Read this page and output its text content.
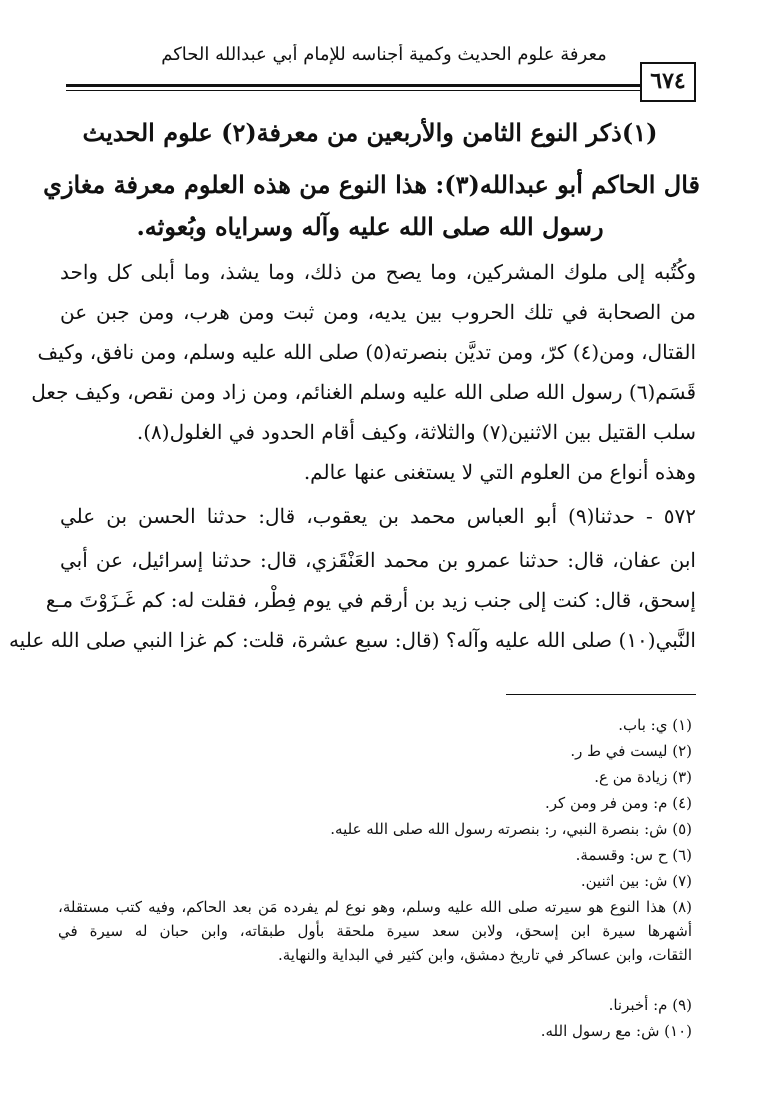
معرفة علوم الحديث وكمية أجناسه للإمام أبي عبدالله الحاكم
٦٧٤
(١)ذكر النوع الثامن والأربعين من معرفة(٢) علوم الحديث
قال الحاكم أبو عبدالله(٣): هذا النوع من هذه العلوم معرفة مغازي
رسول الله صلى الله عليه وآله وسراياه وبُعوثه.
وكُتُبه إلى ملوك المشركين، وما يصح من ذلك، وما يشذ، وما أبلى كل واحد
من الصحابة في تلك الحروب بين يديه، ومن ثبت ومن هرب، ومن جبن عن
القتال، ومن(٤) كرّ، ومن تديَّن بنصرته(٥) صلى الله عليه وسلم، ومن نافق، وكيف
قَسَم(٦) رسول الله صلى الله عليه وسلم الغنائم، ومن زاد ومن نقص، وكيف جعل
سلب القتيل بين الاثنين(٧) والثلاثة، وكيف أقام الحدود في الغلول(٨).
وهذه أنواع من العلوم التي لا يستغنى عنها عالم.
٥٧٢ - حدثنا(٩) أبو العباس محمد بن يعقوب، قال: حدثنا الحسن بن علي
ابن عفان، قال: حدثنا عمرو بن محمد العَنْقَزي، قال: حدثنا إسرائيل، عن أبي
إسحق، قال: كنت إلى جنب زيد بن أرقم في يوم فِطْر، فقلت له: كم غَـزَوْتَ مـع
النَّبي(١٠) صلى الله عليه وآله؟ (قال: سبع عشرة، قلت: كم غزا النبي صلى الله عليه
(١) ي: باب.
(٢) ليست في ط ر.
(٣) زيادة من ع.
(٤) م: ومن فر ومن كر.
(٥) ش: بنصرة النبي، ر: بنصرته رسول الله صلى الله عليه.
(٦) ح س: وقسمة.
(٧) ش: بين اثنين.
(٨) هذا النوع هو سيرته صلى الله عليه وسلم، وهو نوع لم يفرده مَن بعد الحاكم، وفيه كتب مستقلة،
أشهرها سيرة ابن إسحق، ولابن سعد سيرة ملحقة بأول طبقاته، وابن حبان له سيرة في
الثقات، وابن عساكر في تاريخ دمشق، وابن كثير في البداية والنهاية.
(٩) م: أخبرنا.
(١٠) ش: مع رسول الله.
